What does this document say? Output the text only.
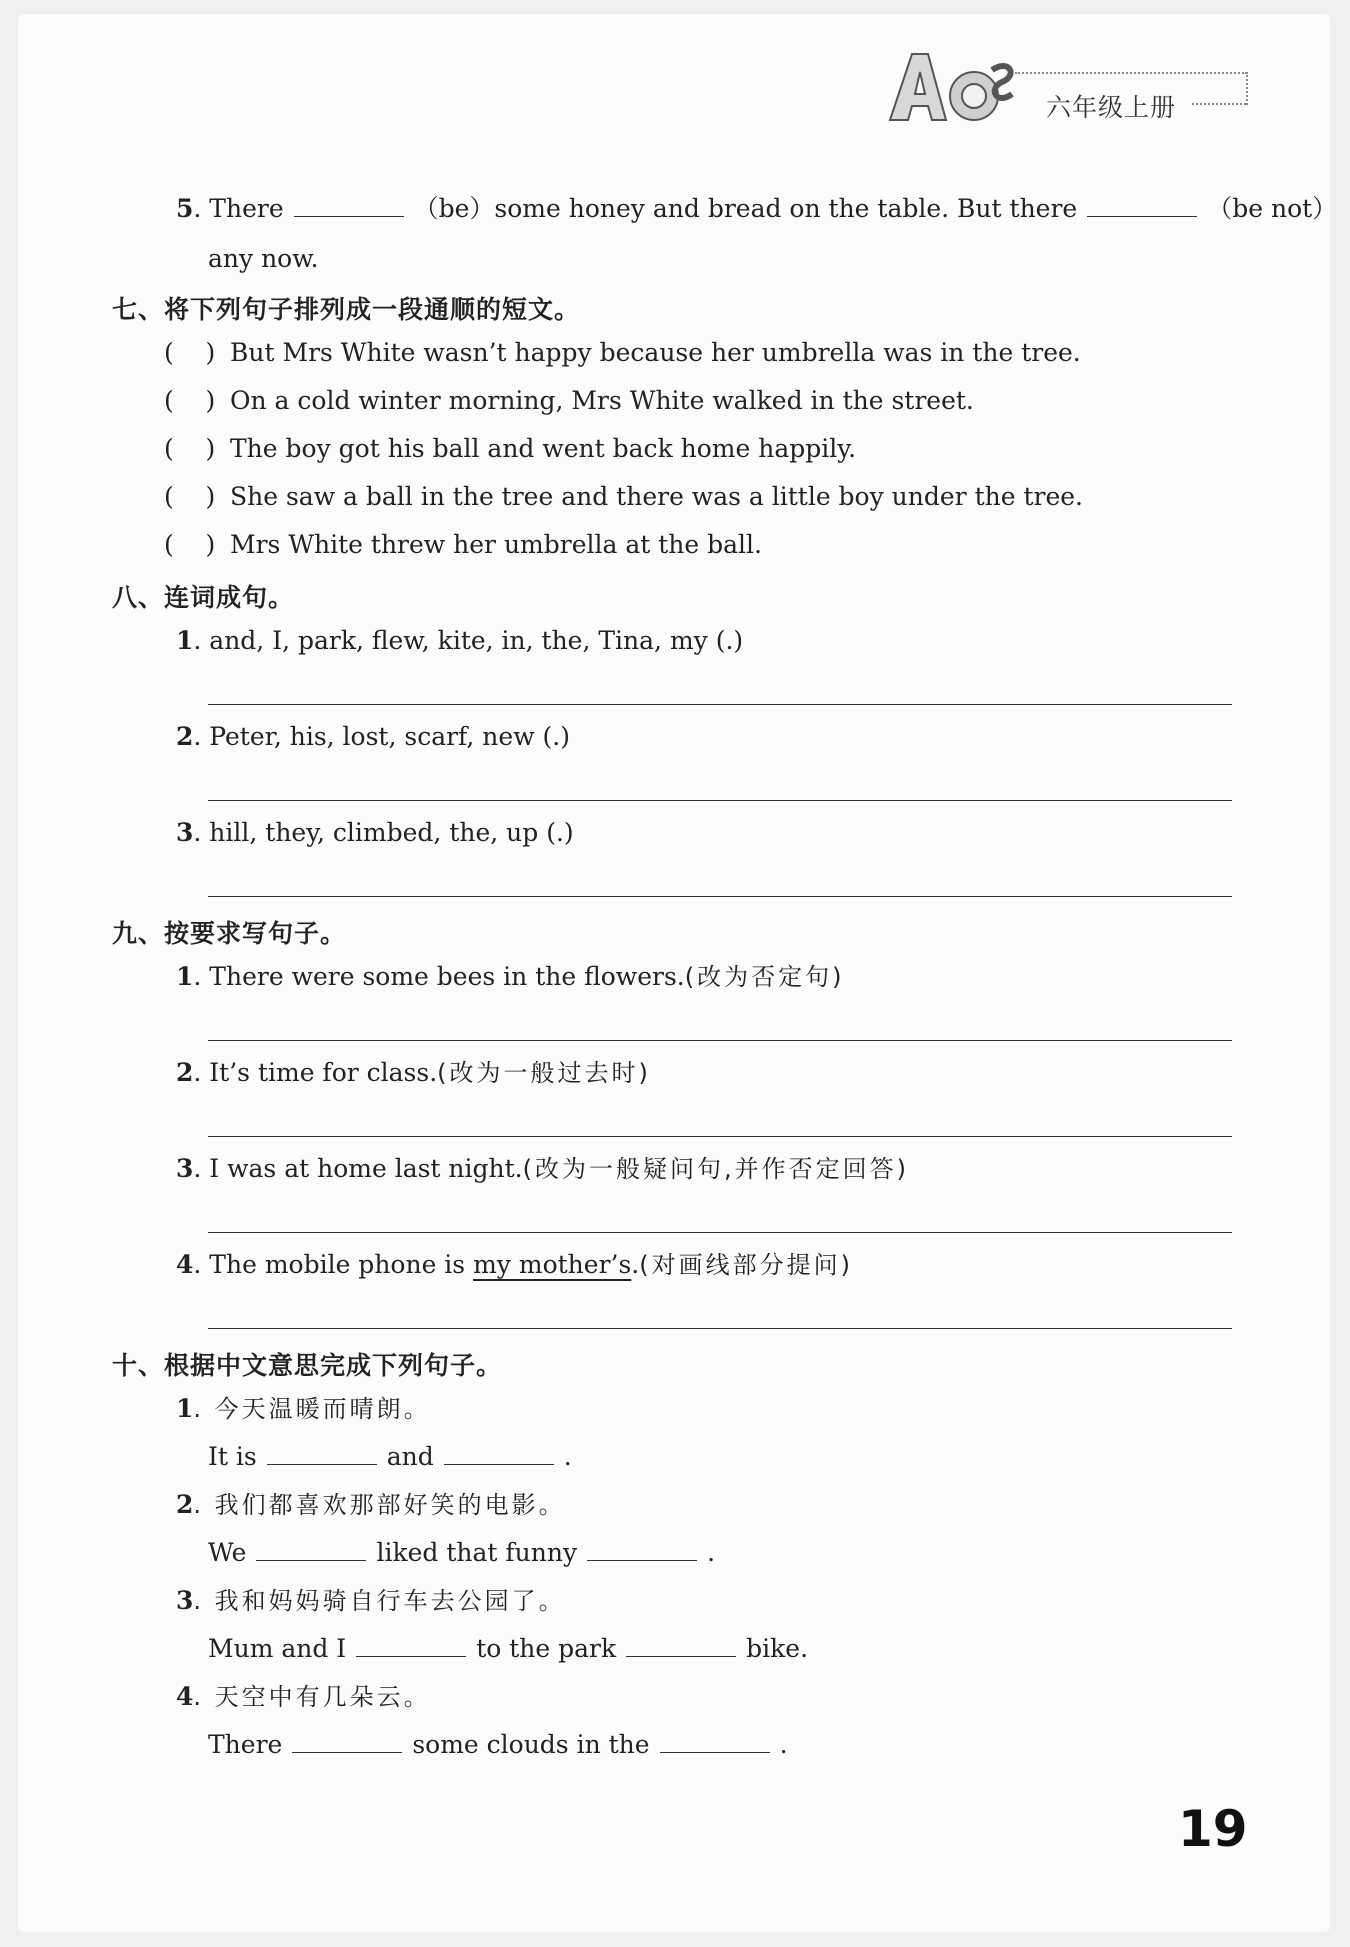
六年级上册
5. There	（be）some honey and bread on the table. But there	（be not）
any now.
七、将下列句子排列成一段通顺的短文。
(    ) But Mrs White wasn’t happy because her umbrella was in the tree.
(    ) On a cold winter morning, Mrs White walked in the street.
(    ) The boy got his ball and went back home happily.
(    ) She saw a ball in the tree and there was a little boy under the tree.
(    ) Mrs White threw her umbrella at the ball.
八、连词成句。
1. and, I, park, flew, kite, in, the, Tina, my (.)
2. Peter, his, lost, scarf, new (.)
3. hill, they, climbed, the, up (.)
九、按要求写句子。
1. There were some bees in the flowers.(改为否定句)
2. It’s time for class.(改为一般过去时)
3. I was at home last night.(改为一般疑问句,并作否定回答)
4. The mobile phone is my mother’s.(对画线部分提问)
十、根据中文意思完成下列句子。
1. 今天温暖而晴朗。
It is	and	.
2. 我们都喜欢那部好笑的电影。
We	liked that funny	.
3. 我和妈妈骑自行车去公园了。
Mum and I	to the park	bike.
4. 天空中有几朵云。
There	some clouds in the	.
19
